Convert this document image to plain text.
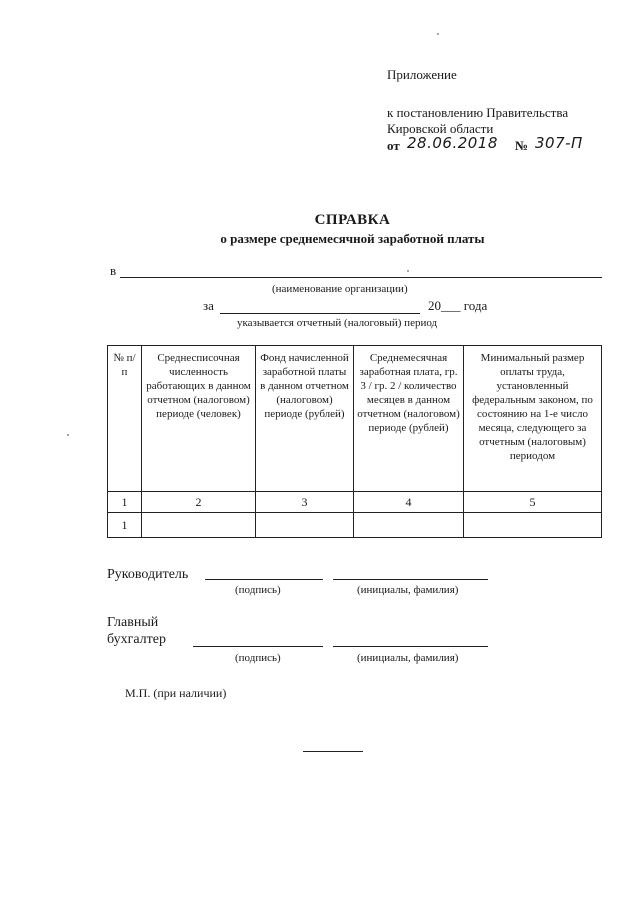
Приложение
к постановлению Правительства
Кировской области
от 28.06.2018 № 307-П
СПРАВКА
о размере среднемесячной заработной платы
в
(наименование организации)
за	20___ года
указывается отчетный (налоговый) период
№ п/п	Среднесписочная численность работающих в данном отчетном (налоговом) периоде (человек)	Фонд начисленной заработной платы в данном отчетном (налоговом) периоде (рублей)	Среднемесячная заработная плата, гр. 3 / гр. 2 / количество месяцев в данном отчетном (налоговом) периоде (рублей)	Минимальный размер оплаты труда, установленный федеральным законом, по состоянию на 1-е число месяца, следующего за отчетным (налоговым) периодом
1	2	3	4	5
1				
Руководитель
(подпись)	(инициалы, фамилия)
Главный
бухгалтер
(подпись)	(инициалы, фамилия)
М.П. (при наличии)
